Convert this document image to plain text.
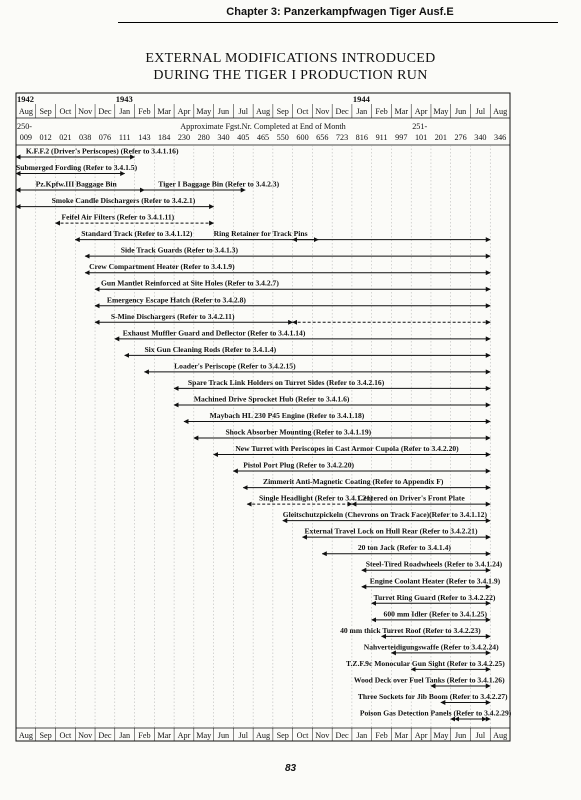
Chapter 3: Panzerkampfwagen Tiger Ausf.E
EXTERNAL MODIFICATIONS INTRODUCED
DURING THE TIGER I PRODUCTION RUN
1942	1943	1944
Aug
Aug
Sep
Sep
Oct
Oct
Nov
Nov
Dec
Dec
Jan
Jan
Feb
Feb
Mar
Mar
Apr
Apr
May
May
Jun
Jun
Jul
Jul
Aug
Aug
Sep
Sep
Oct
Oct
Nov
Nov
Dec
Dec
Jan
Jan
Feb
Feb
Mar
Mar
Apr
Apr
May
May
Jun
Jun
Jul
Jul
Aug
Aug
250-	251-
Approximate Fgst.Nr. Completed at End of Month
009 012 021 038 076 111 143 184 230 280 340 405 465 550 600 656 723 816 911 997 101 201 276 340 346
K.F.F.2 (Driver's Periscopes) (Refer to 3.4.1.16)
Submerged Fording (Refer to 3.4.1.5)
Pz.Kpfw.III Baggage Bin	Tiger I Baggage Bin (Refer to 3.4.2.3)
Smoke Candle Dischargers (Refer to 3.4.2.1)
Feifel Air Filters (Refer to 3.4.1.11)
Standard Track (Refer to 3.4.1.12)	Ring Retainer for Track Pins
Side Track Guards (Refer to 3.4.1.3)
Crew Compartment Heater (Refer to 3.4.1.9)
Gun Mantlet Reinforced at Site Holes (Refer to 3.4.2.7)
Emergency Escape Hatch (Refer to 3.4.2.8)
S-Mine Dischargers (Refer to 3.4.2.11)
Exhaust Muffler Guard and Deflector (Refer to 3.4.1.14)
Six Gun Cleaning Rods (Refer to 3.4.1.4)
Loader's Periscope (Refer to 3.4.2.15)
Spare Track Link Holders on Turret Sides (Refer to 3.4.2.16)
Machined Drive Sprocket Hub (Refer to 3.4.1.6)
Maybach HL 230 P45 Engine (Refer to 3.4.1.18)
Shock Absorber Mounting (Refer to 3.4.1.19)
New Turret with Periscopes in Cast Armor Cupola (Refer to 3.4.2.20)
Pistol Port Plug (Refer to 3.4.2.20)
Zimmerit Anti-Magnetic Coating (Refer to Appendix F)
Single Headlight (Refer to 3.4.1.21)
Centered on Driver's Front Plate
Gleitschutzpickeln (Chevrons on Track Face)(Refer to 3.4.1.12)
External Travel Lock on Hull Rear (Refer to 3.4.2.21)
20 ton Jack (Refer to 3.4.1.4)
Steel-Tired Roadwheels (Refer to 3.4.1.24)
Engine Coolant Heater (Refer to 3.4.1.9)
Turret Ring Guard (Refer to 3.4.2.22)
600 mm Idler (Refer to 3.4.1.25)
40 mm thick Turret Roof (Refer to 3.4.2.23)
Nahverteidigungswaffe (Refer to 3.4.2.24)
T.Z.F.9c Monocular Gun Sight (Refer to 3.4.2.25)
Wood Deck over Fuel Tanks (Refer to 3.4.1.26)
Three Sockets for Jib Boom (Refer to 3.4.2.27)
Poison Gas Detection Panels (Refer to 3.4.2.29)
83
